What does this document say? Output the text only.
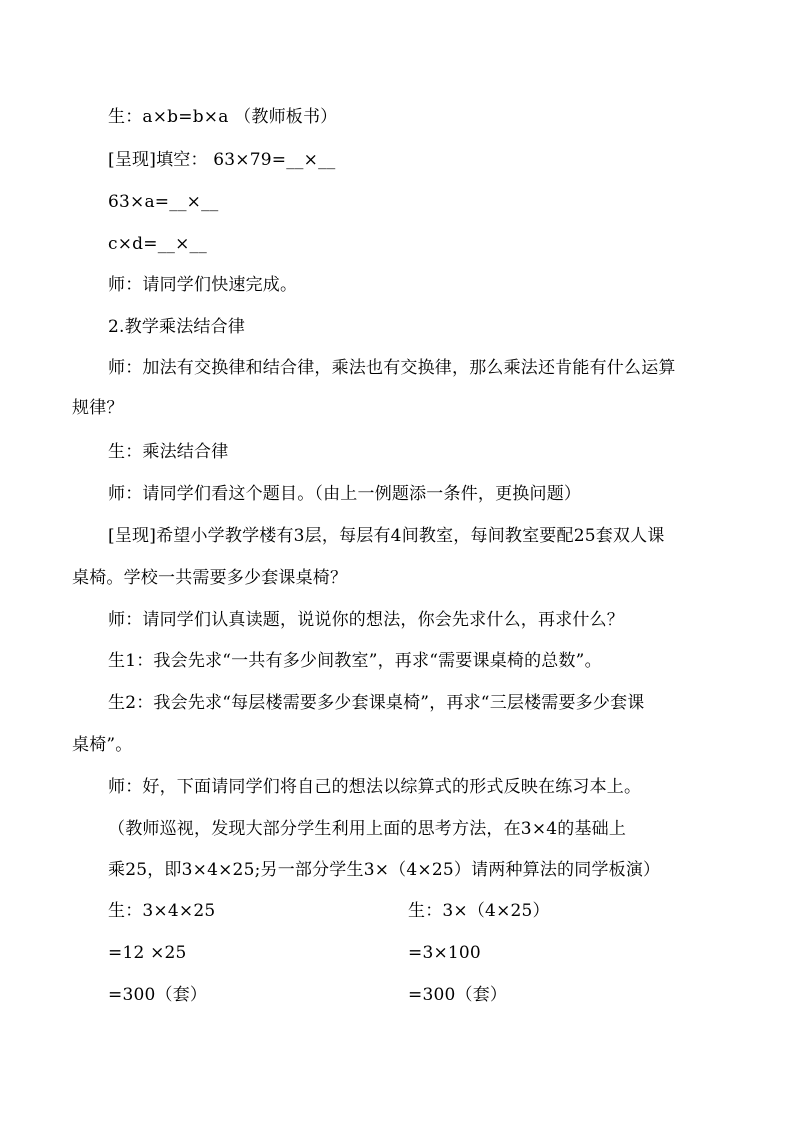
生：a×b=b×a （教师板书）
[呈现]填空： 63×79=__×__
63×a=__×__
c×d=__×__
师：请同学们快速完成。
2.教学乘法结合律
师：加法有交换律和结合律，乘法也有交换律，那么乘法还肯能有什么运算
规律？
生：乘法结合律
师：请同学们看这个题目。（由上一例题添一条件，更换问题）
[呈现]希望小学教学楼有3层，每层有4间教室，每间教室要配25套双人课
桌椅。学校一共需要多少套课桌椅？
师：请同学们认真读题，说说你的想法，你会先求什么，再求什么？
生1：我会先求“一共有多少间教室”，再求“需要课桌椅的总数”。
生2：我会先求“每层楼需要多少套课桌椅”，再求“三层楼需要多少套课
桌椅”。
师：好，下面请同学们将自己的想法以综算式的形式反映在练习本上。
（教师巡视，发现大部分学生利用上面的思考方法，在3×4的基础上
乘25，即3×4×25;另一部分学生3×（4×25）请两种算法的同学板演）
生：3×4×25
=12 ×25
=300（套）
生：3×（4×25）
=3×100
=300（套）
